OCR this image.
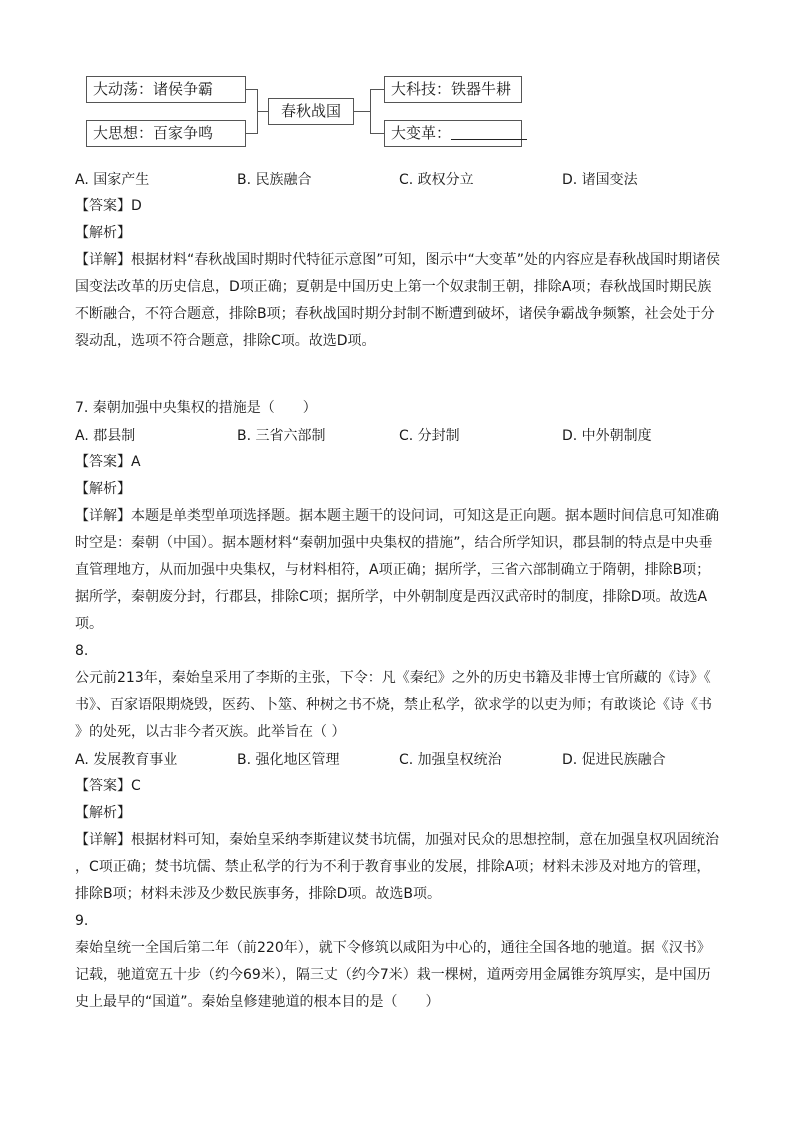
大动荡：诸侯争霸
大思想：百家争鸣
春秋战国
大科技：铁器牛耕
大变革：
A. 国家产生	B. 民族融合	C. 政权分立	D. 诸国变法
【答案】D
【解析】
【详解】根据材料“春秋战国时期时代特征示意图”可知，图示中“大变革”处的内容应是春秋战国时期诸侯
国变法改革的历史信息，D项正确；夏朝是中国历史上第一个奴隶制王朝，排除A项；春秋战国时期民族
不断融合，不符合题意，排除B项；春秋战国时期分封制不断遭到破坏，诸侯争霸战争频繁，社会处于分
裂动乱，选项不符合题意，排除C项。故选D项。
7. 秦朝加强中央集权的措施是（　　）
A. 郡县制	B. 三省六部制	C. 分封制	D. 中外朝制度
【答案】A
【解析】
【详解】本题是单类型单项选择题。据本题主题干的设问词，可知这是正向题。据本题时间信息可知准确
时空是：秦朝（中国）。据本题材料“秦朝加强中央集权的措施”，结合所学知识，郡县制的特点是中央垂
直管理地方，从而加强中央集权，与材料相符，A项正确；据所学，三省六部制确立于隋朝，排除B项；
据所学，秦朝废分封，行郡县，排除C项；据所学，中外朝制度是西汉武帝时的制度，排除D项。故选A
项。
8.
公元前213年，秦始皇采用了李斯的主张，下令：凡《秦纪》之外的历史书籍及非博士官所藏的《诗》《
书》、百家语限期烧毁，医药、卜筮、种树之书不烧，禁止私学，欲求学的以吏为师；有敢谈论《诗《书
》的处死，以古非今者灭族。此举旨在（ ）
A. 发展教育事业	B. 强化地区管理	C. 加强皇权统治	D. 促进民族融合
【答案】C
【解析】
【详解】根据材料可知，秦始皇采纳李斯建议焚书坑儒，加强对民众的思想控制，意在加强皇权巩固统治
，C项正确；焚书坑儒、禁止私学的行为不利于教育事业的发展，排除A项；材料未涉及对地方的管理，
排除B项；材料未涉及少数民族事务，排除D项。故选B项。
9.
秦始皇统一全国后第二年（前220年），就下令修筑以咸阳为中心的，通往全国各地的驰道。据《汉书》
记载，驰道宽五十步（约今69米），隔三丈（约今7米）栽一棵树，道两旁用金属锥夯筑厚实，是中国历
史上最早的“国道”。秦始皇修建驰道的根本目的是（　　）
